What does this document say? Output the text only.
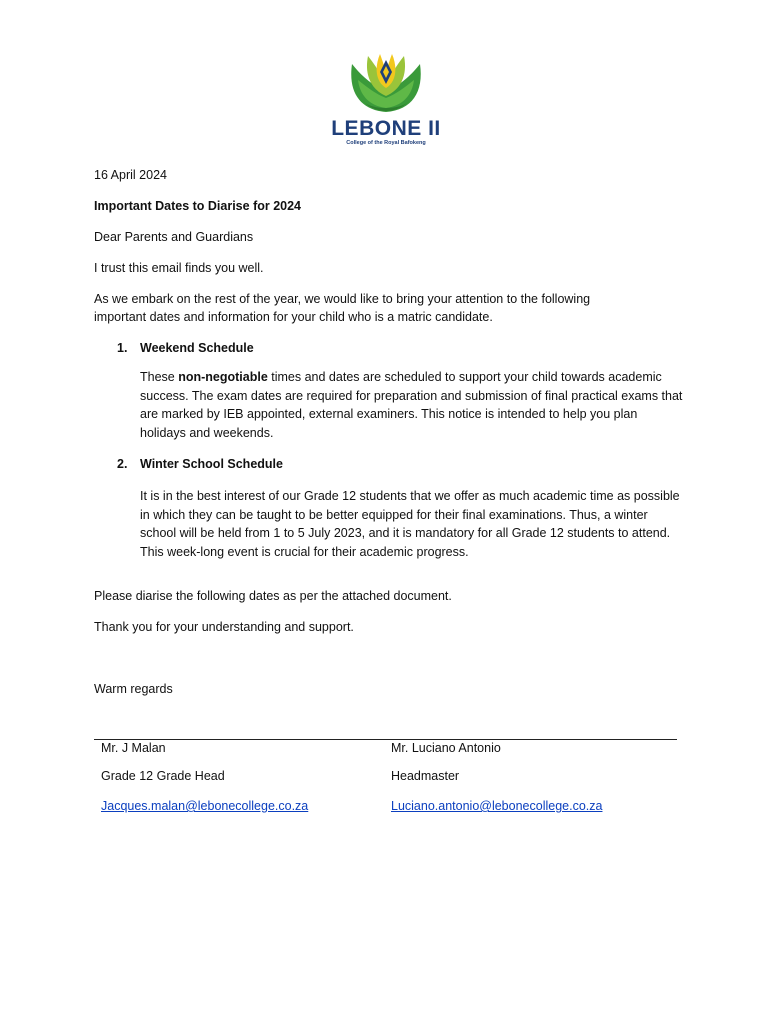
LEBONE II
College of the Royal Bafokeng

16 April 2024

Important Dates to Diarise for 2024

Dear Parents and Guardians

I trust this email finds you well.

As we embark on the rest of the year, we would like to bring your attention to the following important dates and information for your child who is a matric candidate.

1. Weekend Schedule

These non-negotiable times and dates are scheduled to support your child towards academic success. The exam dates are required for preparation and submission of final practical exams that are marked by IEB appointed, external examiners. This notice is intended to help you plan holidays and weekends.

2. Winter School Schedule

It is in the best interest of our Grade 12 students that we offer as much academic time as possible in which they can be taught to be better equipped for their final examinations. Thus, a winter school will be held from 1 to 5 July 2023, and it is mandatory for all Grade 12 students to attend. This week-long event is crucial for their academic progress.

Please diarise the following dates as per the attached document.

Thank you for your understanding and support.

Warm regards

Mr. J Malan
Grade 12 Grade Head
Jacques.malan@lebonecollege.co.za
Mr. Luciano Antonio
Headmaster
Luciano.antonio@lebonecollege.co.za
